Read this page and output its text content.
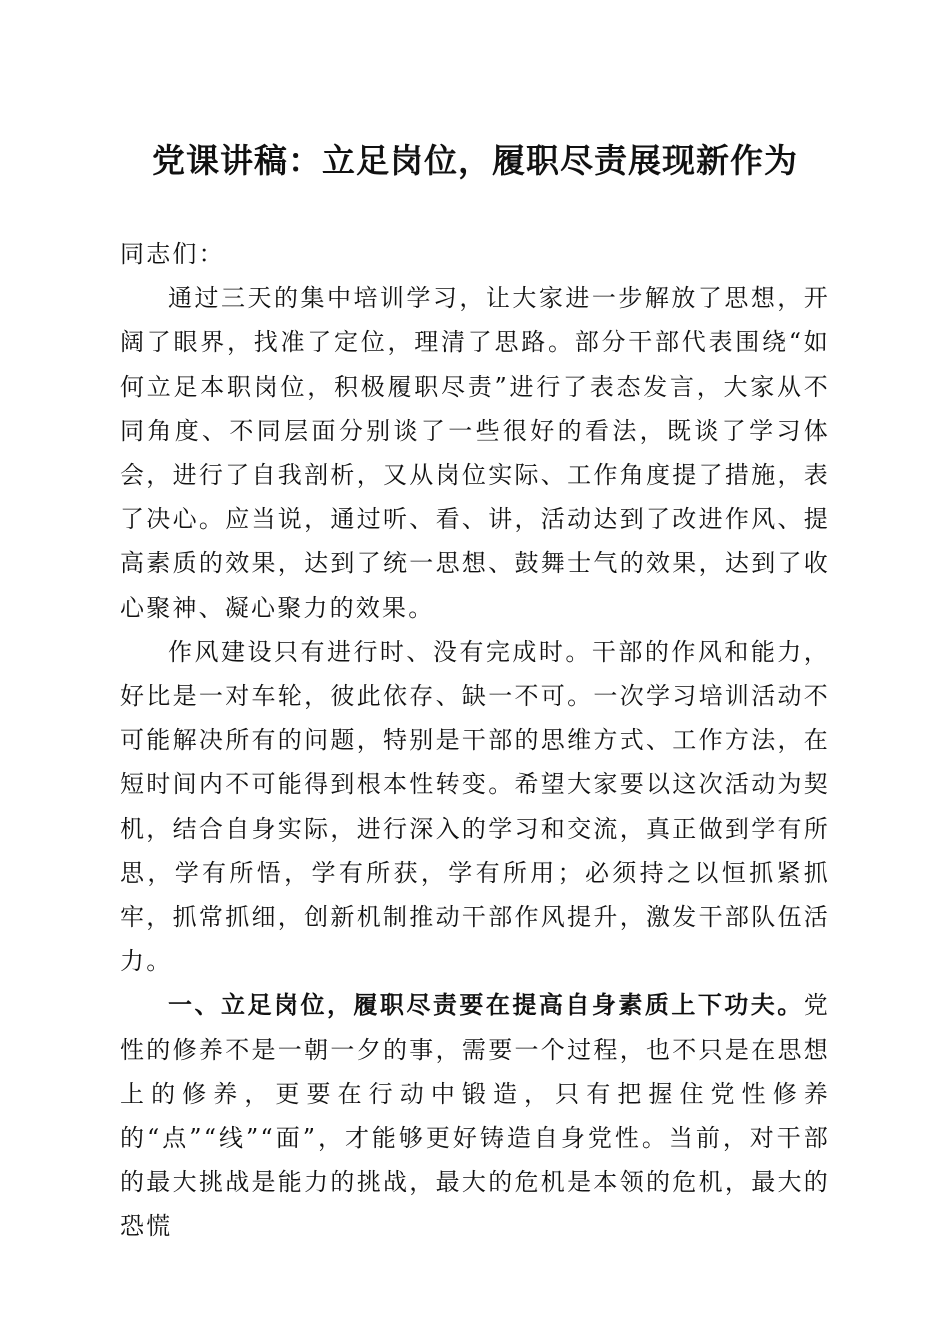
党课讲稿：立足岗位，履职尽责展现新作为

同志们：

通过三天的集中培训学习，让大家进一步解放了思想，开阔了眼界，找准了定位，理清了思路。部分干部代表围绕“如何立足本职岗位，积极履职尽责”进行了表态发言，大家从不同角度、不同层面分别谈了一些很好的看法，既谈了学习体会，进行了自我剖析，又从岗位实际、工作角度提了措施，表了决心。应当说，通过听、看、讲，活动达到了改进作风、提高素质的效果，达到了统一思想、鼓舞士气的效果，达到了收心聚神、凝心聚力的效果。

作风建设只有进行时、没有完成时。干部的作风和能力，好比是一对车轮，彼此依存、缺一不可。一次学习培训活动不可能解决所有的问题，特别是干部的思维方式、工作方法，在短时间内不可能得到根本性转变。希望大家要以这次活动为契机，结合自身实际，进行深入的学习和交流，真正做到学有所思，学有所悟，学有所获，学有所用；必须持之以恒抓紧抓牢，抓常抓细，创新机制推动干部作风提升，激发干部队伍活力。

一、立足岗位，履职尽责要在提高自身素质上下功夫。党性的修养不是一朝一夕的事，需要一个过程，也不只是在思想上的修养，更要在行动中锻造，只有把握住党性修养的“点”“线”“面”，才能够更好铸造自身党性。当前，对干部的最大挑战是能力的挑战，最大的危机是本领的危机，最大的恐慌
